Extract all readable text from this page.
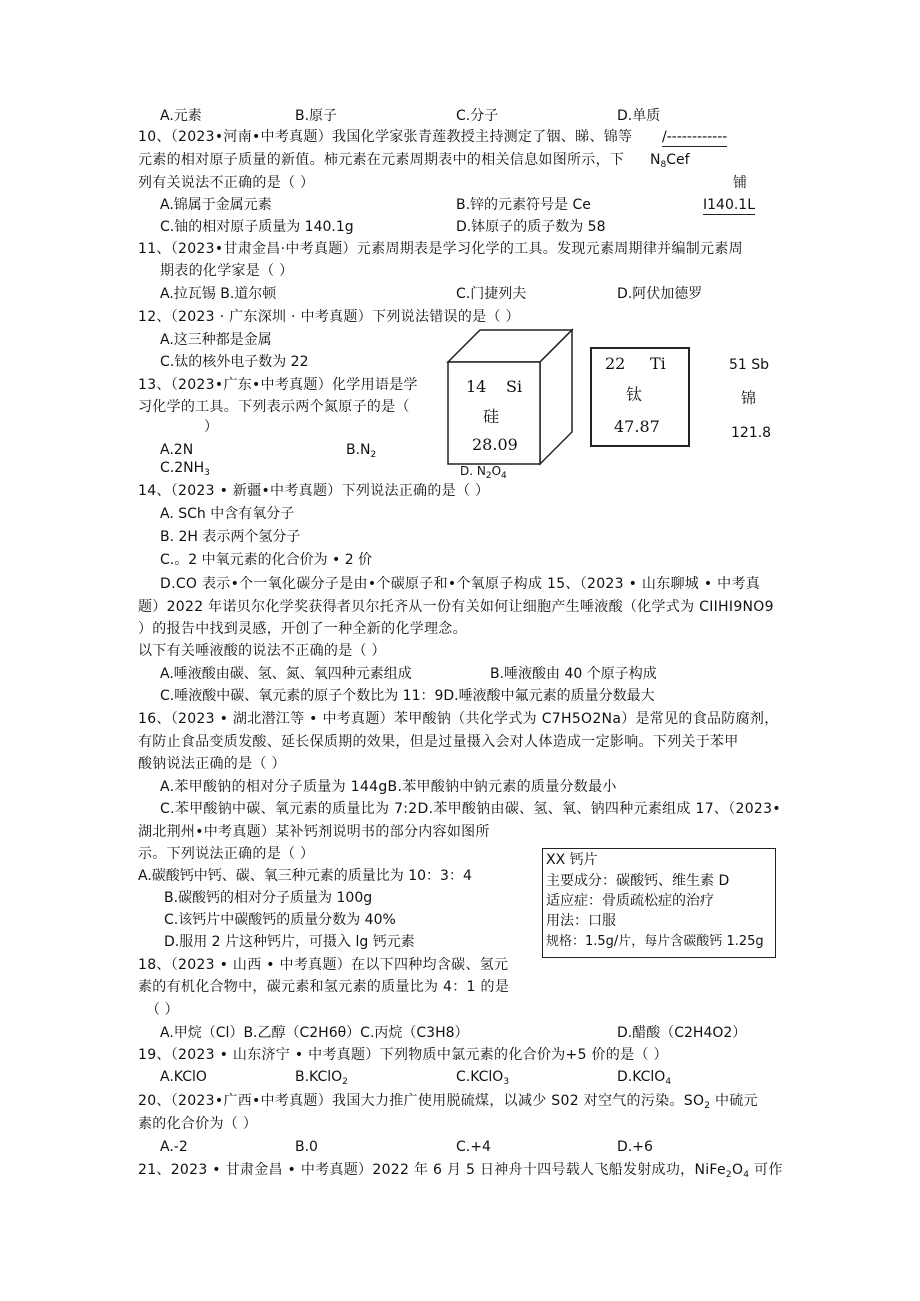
A.元素	B.原子	C.分子	D.单质
10、（2023•河南•中考真题）我国化学家张青莲教授主持测定了铟、睇、锦等 /------------
元素的相对原子质量的新值。柿元素在元素周期表中的相关信息如图所示，下 $N_8Cef$
列有关说法不正确的是（ ）	铺
A.锦属于金属元素	B.锌的元素符号是 Ce	I140.1L
C.铀的相对原子质量为 140.1g	D.钵原子的质子数为 58
11、（2023•甘肃金昌·中考真题）元素周期表是学习化学的工具。发现元素周期律并编制元素周
期表的化学家是（ ）
A.拉瓦锡 B.道尔顿	C.门捷列夫	D.阿伏加德罗
12、（2023 · 广东深圳 · 中考真题）下列说法错误的是（ ）
A.这三种都是金属
C.钛的核外电子数为 22
14 Si
硅
28.09
22 Ti
钛
47.87
51 Sb
锦
121.8
13、（2023•广东•中考真题）化学用语是学
习化学的工具。下列表示两个氮原子的是（
）
A.2N	$B.N_2$
$C.2NH_3$	D. $N_2O_4$
14、（2023 • 新疆•中考真题）下列说法正确的是（ ）
A. SCh 中含有氧分子
B. 2H 表示两个氢分子
C.。2 中氧元素的化合价为 • 2 价
D.CO 表示•个一氧化碳分子是由•个碳原子和•个氧原子构成 15、（2023 • 山东聊城 • 中考真
题）2022 年诺贝尔化学奖获得者贝尔托齐从一份有关如何让细胞产生唾液酸（化学式为 CIIHI9NO9
）的报告中找到灵感，开创了一种全新的化学理念。
以下有关唾液酸的说法不正确的是（ ）
A.唾液酸由碳、氢、氮、氧四种元素组成	B.唾液酸由 40 个原子构成
C.唾液酸中碳、氧元素的原子个数比为 11：9D.唾液酸中氟元素的质量分数最大
16、（2023 • 湖北潜江等 • 中考真题）苯甲酸钠（共化学式为 C7H5O2Na）是常见的食品防腐剂，
有防止食品变质发酸、延长保质期的效果，但是过量摄入会对人体造成一定影响。下列关于苯甲
酸钠说法正确的是（ ）
A.苯甲酸钠的相对分子质量为 144gB.苯甲酸钠中钠元素的质量分数最小
C.苯甲酸钠中碳、氧元素的质量比为 7:2D.苯甲酸钠由碳、氢、氧、钠四种元素组成 17、（2023•
湖北荆州•中考真题）某补钙剂说明书的部分内容如图所
示。下列说法正确的是（ ）
A.碳酸钙中钙、碳、氧三种元素的质量比为 10：3：4
B.碳酸钙的相对分子质量为 100g
C.该钙片中碳酸钙的质量分数为 40%
D.服用 2 片这种钙片，可摄入 lg 钙元素
XX 钙片
主要成分：碳酸钙、维生素 D
适应症：骨质疏松症的治疗
用法：口服
规格：1.5g/片，每片含碳酸钙 1.25g
18、（2023 • 山西 • 中考真题）在以下四种均含碳、氢元
素的有机化合物中，碳元素和氢元素的质量比为 4：1 的是
（ ）
A.甲烷（Cl）B.乙醇（C2H6θ）C.丙烷（C3H8）	D.醋酸（C2H4O2）
19、（2023 • 山东济宁 • 中考真题）下列物质中氯元素的化合价为+5 价的是（ ）
A.KClO	B.KClO$_2$	C.KClO$_3$	D.KClO$_4$
20、（2023•广西•中考真题）我国大力推广使用脱硫煤，以减少 S02 对空气的污染。$SO_2$ 中硫元
素的化合价为（ ）
A.-2	B.0	C.+4	D.+6
21、2023 • 甘肃金昌 • 中考真题）2022 年 6 月 5 日神舟十四号载人飞船发射成功，$NiFe_2O_4$ 可作
